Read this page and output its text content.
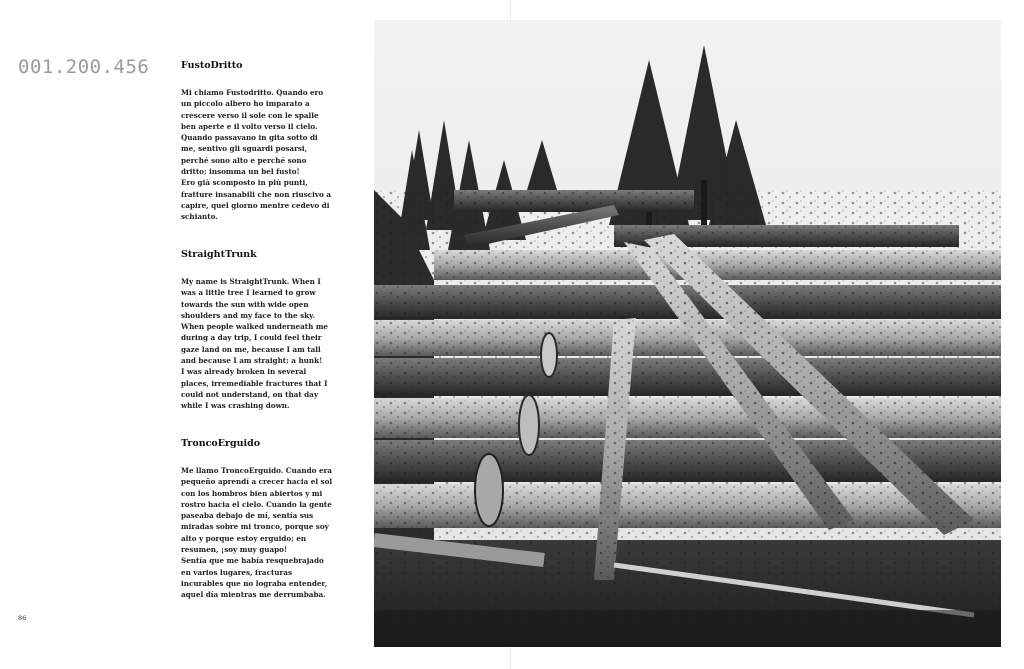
001.200.456	FustoDritto

Mi chiamo Fustodritto. Quando ero un piccolo albero ho imparato a crescere verso il sole con le spalle ben aperte e il volto verso il cielo. Quando passavano in gita sotto di me, sentivo gli sguardi posarsi, perché sono alto e perché sono dritto; insomma un bel fusto!
Ero già scomposto in più punti, fratture insanabili che non riuscivo a capire, quel giorno mentre cedevo di schianto.

StraightTrunk

My name is StraightTrunk. When I was a little tree I learned to grow towards the sun with wide open shoulders and my face to the sky. When people walked underneath me during a day trip, I could feel their gaze land on me, because I am tall and because I am straight; a hunk!
I was already broken in several places, irremediable fractures that I could not understand, on that day while I was crashing down.

TroncoErguido

Me llamo TroncoErguido. Cuando era pequeño aprendí a crecer hacia el sol con los hombros bien abiertos y mi rostro hacia el cielo. Cuando la gente paseaba debajo de mí, sentía sus miradas sobre mi tronco, porque soy alto y porque estoy erguido; en resumen, ¡soy muy guapo!
Sentía que me había resquebrajado en varios lugares, fracturas incurables que no lograba entender, aquel día mientras me derrumbaba.

86
